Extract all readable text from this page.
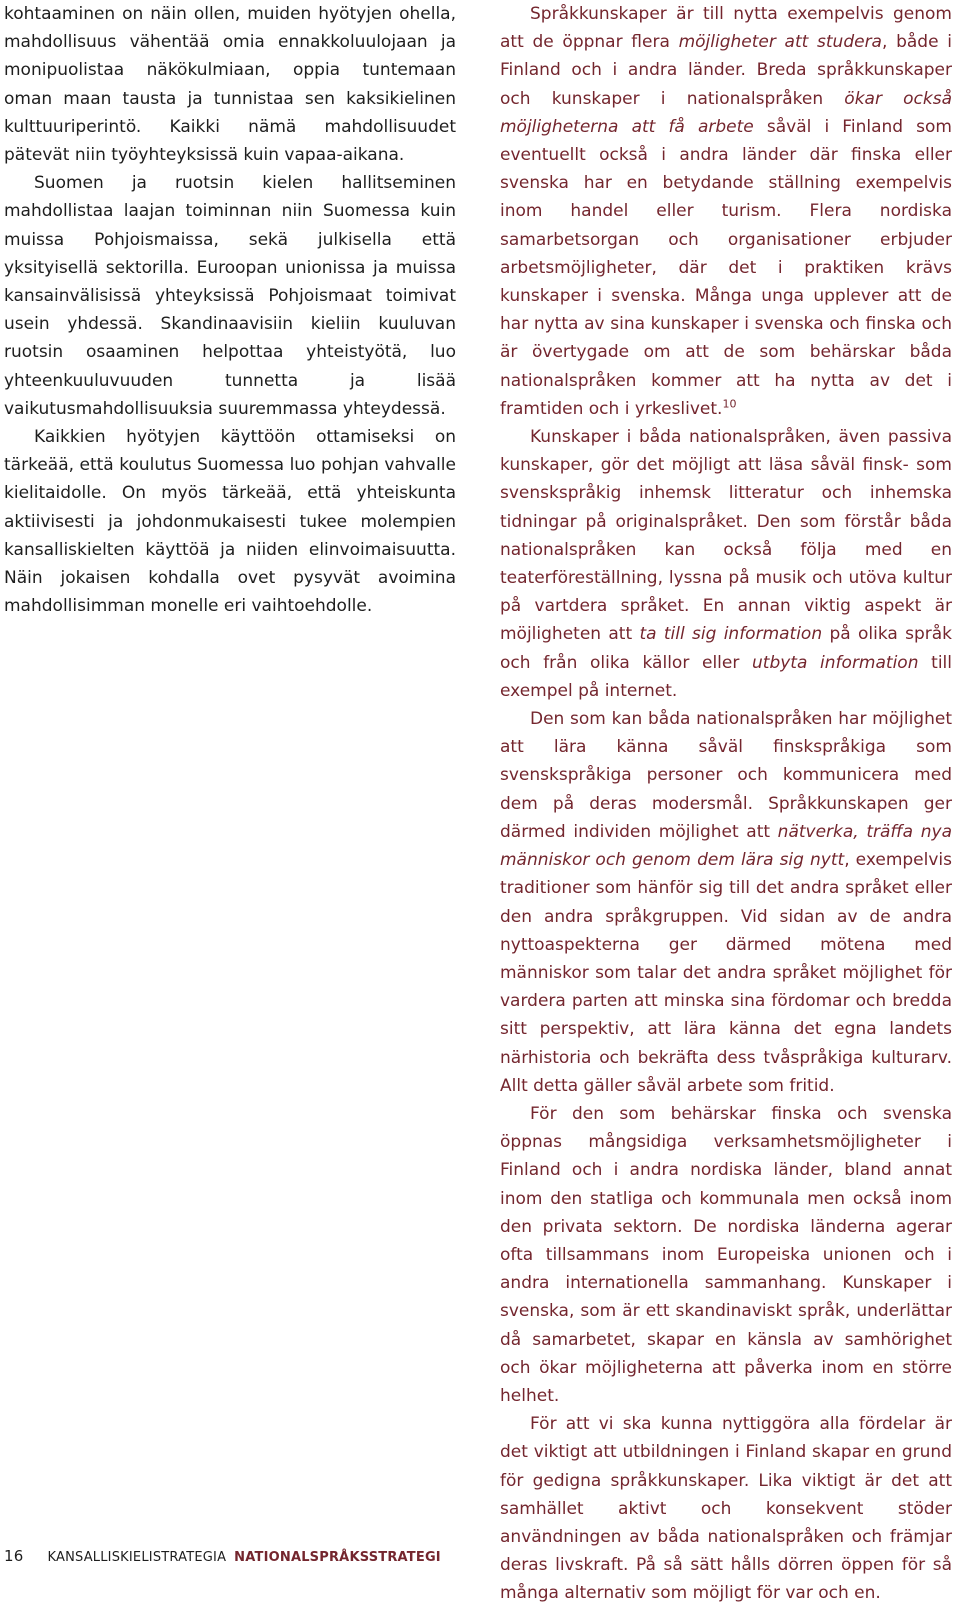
kohtaaminen on näin ollen, muiden hyötyjen ohella, mahdollisuus vähentää omia ennakkoluulojaan ja monipuolistaa näkökulmiaan, oppia tuntemaan oman maan tausta ja tunnistaa sen kaksikielinen kulttuuriperintö. Kaikki nämä mahdollisuudet pätevät niin työyhteyksissä kuin vapaa-aikana.

Suomen ja ruotsin kielen hallitseminen mahdollistaa laajan toiminnan niin Suomessa kuin muissa Pohjoismaissa, sekä julkisella että yksityisellä sektorilla. Euroopan unionissa ja muissa kansainvälisissä yhteyksissä Pohjoismaat toimivat usein yhdessä. Skandinaavisiin kieliin kuuluvan ruotsin osaaminen helpottaa yhteistyötä, luo yhteenkuuluvuuden tunnetta ja lisää vaikutusmahdollisuuksia suuremmassa yhteydessä.

Kaikkien hyötyjen käyttöön ottamiseksi on tärkeää, että koulutus Suomessa luo pohjan vahvalle kielitaidolle. On myös tärkeää, että yhteiskunta aktiivisesti ja johdonmukaisesti tukee molempien kansalliskielten käyttöä ja niiden elinvoimaisuutta. Näin jokaisen kohdalla ovet pysyvät avoimina mahdollisimman monelle eri vaihtoehdolle.

Språkkunskaper är till nytta exempelvis genom att de öppnar flera möjligheter att studera, både i Finland och i andra länder. Breda språkkunskaper och kunskaper i nationalspråken ökar också möjligheterna att få arbete såväl i Finland som eventuellt också i andra länder där finska eller svenska har en betydande ställning exempelvis inom handel eller turism. Flera nordiska samarbetsorgan och organisationer erbjuder arbetsmöjligheter, där det i praktiken krävs kunskaper i svenska. Många unga upplever att de har nytta av sina kunskaper i svenska och finska och är övertygade om att de som behärskar båda nationalspråken kommer att ha nytta av det i framtiden och i yrkeslivet.$^{10}$

Kunskaper i båda nationalspråken, även passiva kunskaper, gör det möjligt att läsa såväl finsk- som svenskspråkig inhemsk litteratur och inhemska tidningar på originalspråket. Den som förstår båda nationalspråken kan också följa med en teaterföreställning, lyssna på musik och utöva kultur på vartdera språket. En annan viktig aspekt är möjligheten att ta till sig information på olika språk och från olika källor eller utbyta information till exempel på internet.

Den som kan båda nationalspråken har möjlighet att lära känna såväl finskspråkiga som svenskspråkiga personer och kommunicera med dem på deras modersmål. Språkkunskapen ger därmed individen möjlighet att nätverka, träffa nya människor och genom dem lära sig nytt, exempelvis traditioner som hänför sig till det andra språket eller den andra språkgruppen. Vid sidan av de andra nyttoaspekterna ger därmed mötena med människor som talar det andra språket möjlighet för vardera parten att minska sina fördomar och bredda sitt perspektiv, att lära känna det egna landets närhistoria och bekräfta dess tvåspråkiga kulturarv. Allt detta gäller såväl arbete som fritid.

För den som behärskar finska och svenska öppnas mångsidiga verksamhetsmöjligheter i Finland och i andra nordiska länder, bland annat inom den statliga och kommunala men också inom den privata sektorn. De nordiska länderna agerar ofta tillsammans inom Europeiska unionen och i andra internationella sammanhang. Kunskaper i svenska, som är ett skandinaviskt språk, underlättar då samarbetet, skapar en känsla av samhörighet och ökar möjligheterna att påverka inom en större helhet.

För att vi ska kunna nyttiggöra alla fördelar är det viktigt att utbildningen i Finland skapar en grund för gedigna språkkunskaper. Lika viktigt är det att samhället aktivt och konsekvent stöder användningen av båda nationalspråken och främjar deras livskraft. På så sätt hålls dörren öppen för så många alternativ som möjligt för var och en.

16 KANSALLISKIELISTRATEGIA NATIONALSPRÅKSSTRATEGI
